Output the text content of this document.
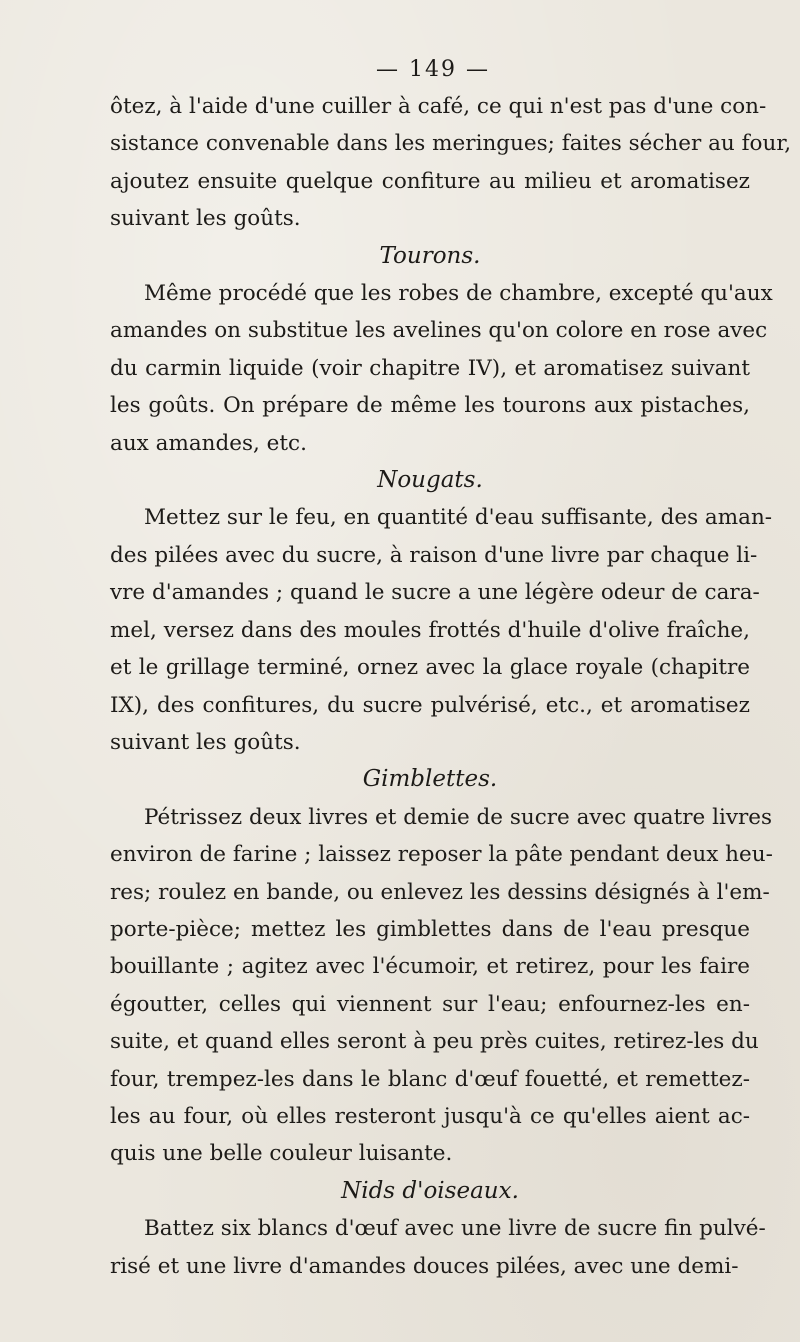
— 149 —
ôtez, à l'aide d'une cuiller à café, ce qui n'est pas d'une con-
sistance convenable dans les meringues; faites sécher au four,
ajoutez ensuite quelque confiture au milieu et aromatisez
suivant les goûts.
Tourons.
Même procédé que les robes de chambre, excepté qu'aux
amandes on substitue les avelines qu'on colore en rose avec
du carmin liquide (voir chapitre IV), et aromatisez suivant
les goûts. On prépare de même les tourons aux pistaches,
aux amandes, etc.
Nougats.
Mettez sur le feu, en quantité d'eau suffisante, des aman-
des pilées avec du sucre, à raison d'une livre par chaque li-
vre d'amandes ; quand le sucre a une légère odeur de cara-
mel, versez dans des moules frottés d'huile d'olive fraîche,
et le grillage terminé, ornez avec la glace royale (chapitre
IX), des confitures, du sucre pulvérisé, etc., et aromatisez
suivant les goûts.
Gimblettes.
Pétrissez deux livres et demie de sucre avec quatre livres
environ de farine ; laissez reposer la pâte pendant deux heu-
res; roulez en bande, ou enlevez les dessins désignés à l'em-
porte-pièce; mettez les gimblettes dans de l'eau presque
bouillante ; agitez avec l'écumoir, et retirez, pour les faire
égoutter, celles qui viennent sur l'eau; enfournez-les en-
suite, et quand elles seront à peu près cuites, retirez-les du
four, trempez-les dans le blanc d'œuf fouetté, et remettez-
les au four, où elles resteront jusqu'à ce qu'elles aient ac-
quis une belle couleur luisante.
Nids d'oiseaux.
Battez six blancs d'œuf avec une livre de sucre fin pulvé-
risé et une livre d'amandes douces pilées, avec une demi-
